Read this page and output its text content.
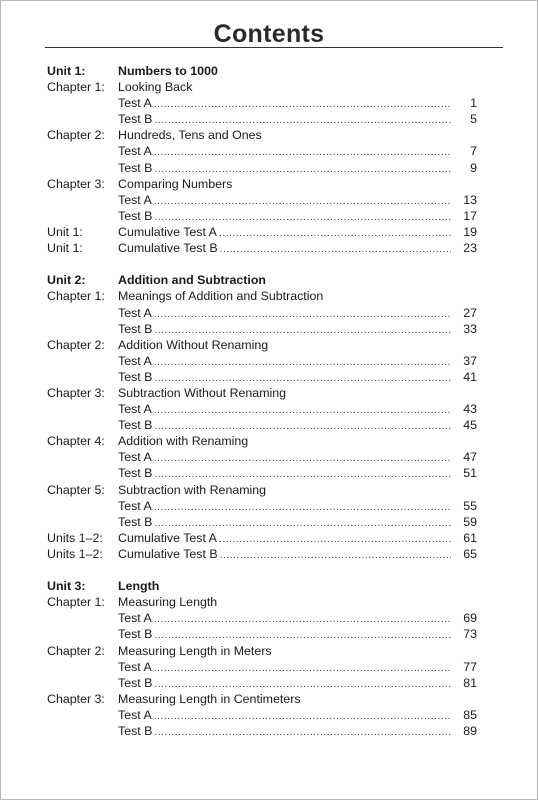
Contents
Unit 1:	Numbers to 1000
Chapter 1:	Looking Back
Test A .....	1
Test B .....	5
Chapter 2:	Hundreds, Tens and Ones
Test A .....	7
Test B .....	9
Chapter 3:	Comparing Numbers
Test A .....	13
Test B .....	17
Unit 1:	Cumulative Test A .....	19
Unit 1:	Cumulative Test B .....	23
Unit 2:	Addition and Subtraction
Chapter 1:	Meanings of Addition and Subtraction
Test A .....	27
Test B .....	33
Chapter 2:	Addition Without Renaming
Test A .....	37
Test B .....	41
Chapter 3:	Subtraction Without Renaming
Test A .....	43
Test B .....	45
Chapter 4:	Addition with Renaming
Test A .....	47
Test B .....	51
Chapter 5:	Subtraction with Renaming
Test A .....	55
Test B .....	59
Units 1–2:	Cumulative Test A .....	61
Units 1–2:	Cumulative Test B .....	65
Unit 3:	Length
Chapter 1:	Measuring Length
Test A .....	69
Test B .....	73
Chapter 2:	Measuring Length in Meters
Test A .....	77
Test B .....	81
Chapter 3:	Measuring Length in Centimeters
Test A .....	85
Test B .....	89
